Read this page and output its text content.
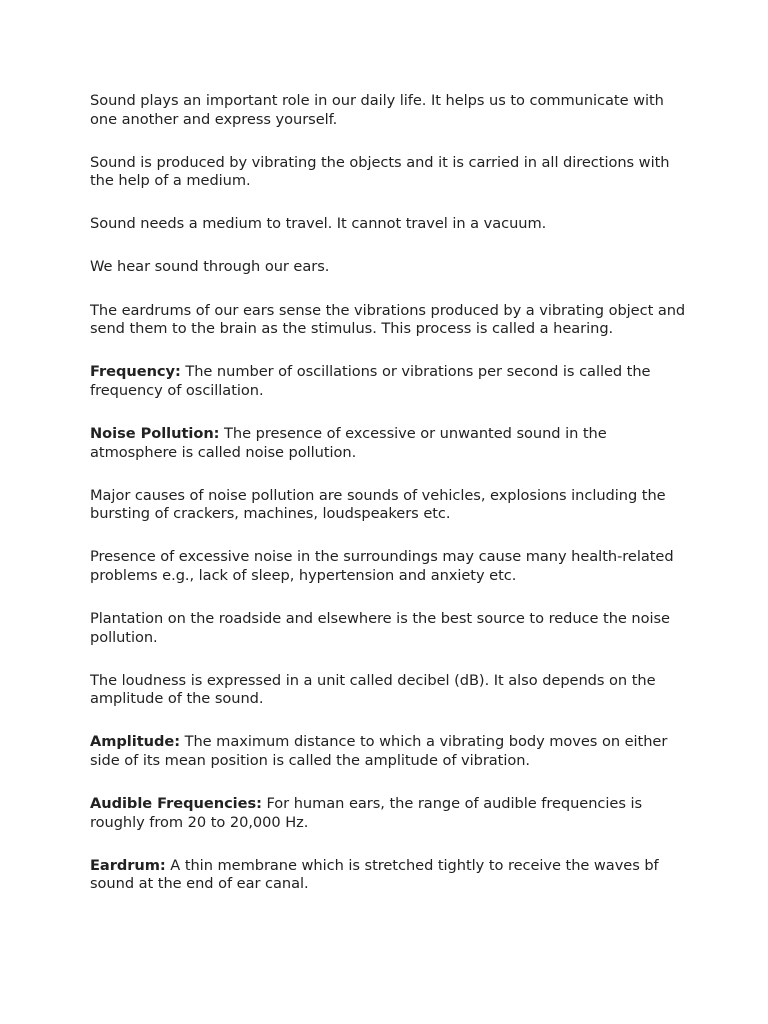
Sound plays an important role in our daily life. It helps us to communicate with one another and express yourself.

Sound is produced by vibrating the objects and it is carried in all directions with the help of a medium.

Sound needs a medium to travel. It cannot travel in a vacuum.

We hear sound through our ears.

The eardrums of our ears sense the vibrations produced by a vibrating object and send them to the brain as the stimulus. This process is called a hearing.

Frequency: The number of oscillations or vibrations per second is called the frequency of oscillation.

Noise Pollution: The presence of excessive or unwanted sound in the atmosphere is called noise pollution.

Major causes of noise pollution are sounds of vehicles, explosions including the bursting of crackers, machines, loudspeakers etc.

Presence of excessive noise in the surroundings may cause many health-related problems e.g., lack of sleep, hypertension and anxiety etc.

Plantation on the roadside and elsewhere is the best source to reduce the noise pollution.

The loudness is expressed in a unit called decibel (dB). It also depends on the amplitude of the sound.

Amplitude: The maximum distance to which a vibrating body moves on either side of its mean position is called the amplitude of vibration.

Audible Frequencies: For human ears, the range of audible frequencies is roughly from 20 to 20,000 Hz.

Eardrum: A thin membrane which is stretched tightly to receive the waves bf sound at the end of ear canal.
